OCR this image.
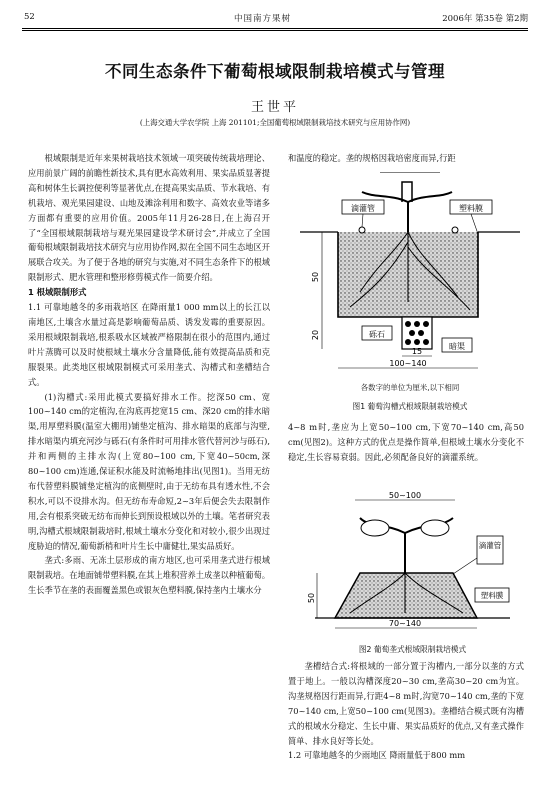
52	中国南方果树	2006年 第35卷 第2期
不同生态条件下葡萄根域限制栽培模式与管理
王世平
(上海交通大学农学院 上海 201101;全国葡萄根域限制栽培技术研究与应用协作网)

根域限制是近年来果树栽培技术领域一项突破传统栽培理论、应用前景广阔的前瞻性新技术,具有肥水高效利用、果实品质显著提高和树体生长调控便利等显著优点,在提高果实品质、节水栽培、有机栽培、观光果园建设、山地及滩涂利用和数字、高效农业等诸多方面都有重要的应用价值。2005年11月26-28日,在上海召开了“全国根域限制栽培与观光果园建设学术研讨会”,并成立了全国葡萄根域限制栽培技术研究与应用协作网,拟在全国不同生态地区开展联合攻关。为了便于各地的研究与实施,对不同生态条件下的根域限制形式、肥水管理和整形修剪模式作一简要介绍。

1 根域限制形式

1.1 可靠地越冬的多雨栽培区 在降雨量1 000 mm以上的长江以南地区,土壤含水量过高是影响葡萄品质、诱发发霉的重要原因。采用根域限制栽培,根系吸水区域被严格限制在很小的范围内,通过叶片蒸腾可以及时使根域土壤水分含量降低,能有效提高品质和克服裂果。此类地区根域限制模式可采用垄式、沟槽式和垄槽结合式。

(1)沟槽式:采用此模式要搞好排水工作。挖深50 cm、宽100~140 cm的定植沟,在沟底再挖宽15 cm、深20 cm的排水暗渠,用厚塑料膜(温室大棚用)铺垫定植沟、排水暗渠的底部与沟壁,排水暗渠内填充河沙与砾石(有条件时可用排水管代替河沙与砾石),并和两侧的主排水沟(上宽80~100 cm,下宽40~50cm,深80~100 cm)连通,保证积水能及时流畅地排出(见图1)。当用无纺布代替塑料膜铺垫定植沟的底侧壁时,由于无纺布具有透水性,不会积水,可以不设排水沟。但无纺布寿命短,2~3年后便会失去限制作用,会有根系突破无纺布而伸长到预设根域以外的土壤。笔者研究表明,沟槽式根域限制栽培时,根域土壤水分变化和对较小,很少出现过度胁迫的情况,葡萄新梢和叶片生长中庸健壮,果实品质好。

垄式:多雨、无冻土层形成的南方地区,也可采用垄式进行根域限制栽培。在地面铺带塑料膜,在其上堆积营养土成垄以种植葡萄。生长季节在垄的表面覆盖黑色或银灰色塑料膜,保持垄内土壤水分

和温度的稳定。垄的规格因栽培密度而异,行距

滴灌管	塑料膜
砾石
暗渠
50
20
15
100~140
各数字的单位为厘米,以下相同
图1 葡萄沟槽式根域限制栽培模式

4~8 m时,垄应为上宽50~100 cm,下宽70~140 cm,高50 cm(见图2)。这种方式的优点是操作简单,但根域土壤水分变化不稳定,生长容易衰弱。因此,必须配备良好的滴灌系统。

50~100
滴灌管
塑料膜
50
70~140
图2 葡萄垄式根域限制栽培模式

垄槽结合式:将根域的一部分置于沟槽内,一部分以垄的方式置于地上。一般以沟槽深度20~30 cm,垄高30~20 cm为宜。沟垄规格因行距而异,行距4~8 m时,沟宽70~140 cm,垄的下宽70~140 cm,上宽50~100 cm(见图3)。垄槽结合模式既有沟槽式的根域水分稳定、生长中庸、果实品质好的优点,又有垄式操作简单、排水良好等长处。

1.2 可靠地越冬的少雨地区 降雨量低于800 mm
